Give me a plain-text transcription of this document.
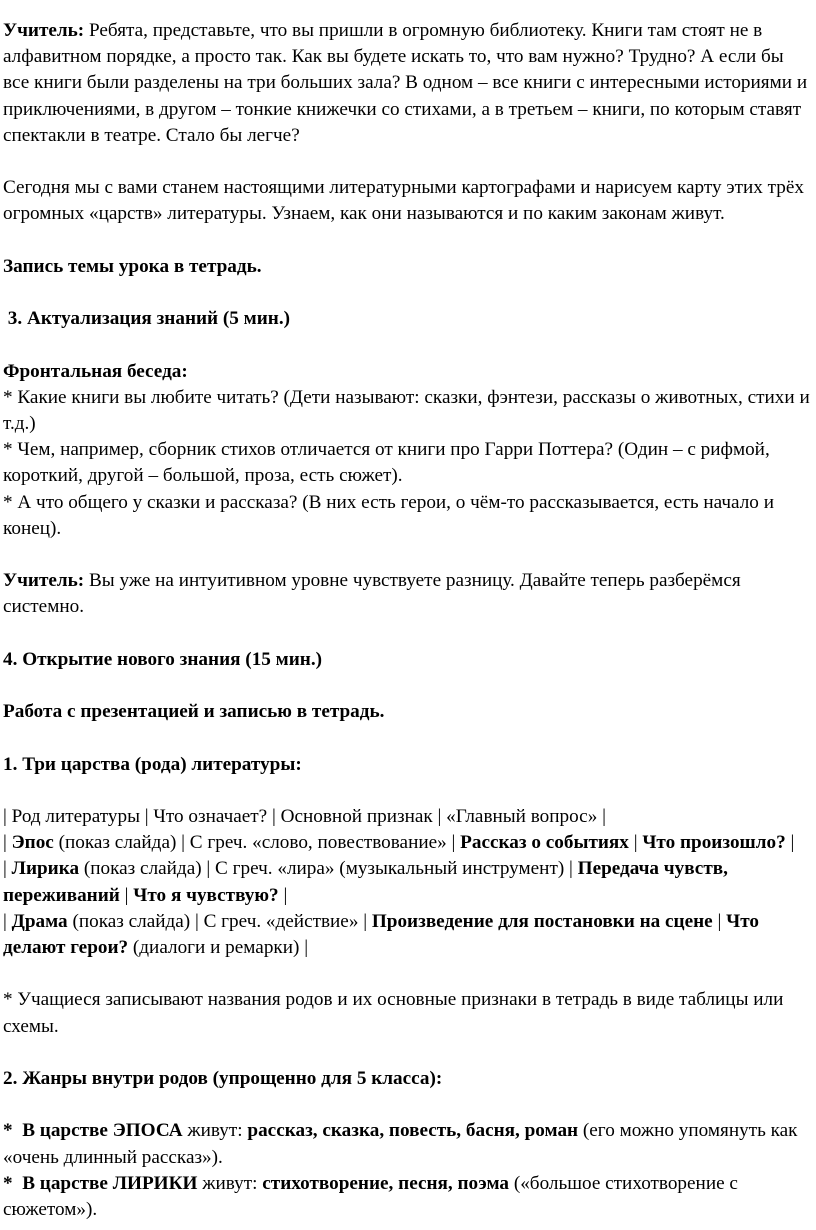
Учитель: Ребята, представьте, что вы пришли в огромную библиотеку. Книги там стоят не в алфавитном порядке, а просто так. Как вы будете искать то, что вам нужно? Трудно? А если бы все книги были разделены на три больших зала? В одном – все книги с интересными историями и приключениями, в другом – тонкие книжечки со стихами, а в третьем – книги, по которым ставят спектакли в театре. Стало бы легче?

Сегодня мы с вами станем настоящими литературными картографами и нарисуем карту этих трёх огромных «царств» литературы. Узнаем, как они называются и по каким законам живут.

Запись темы урока в тетрадь.

3. Актуализация знаний (5 мин.)

Фронтальная беседа:

* Какие книги вы любите читать? (Дети называют: сказки, фэнтези, рассказы о животных, стихи и т.д.)

* Чем, например, сборник стихов отличается от книги про Гарри Поттера? (Один – с рифмой, короткий, другой – большой, проза, есть сюжет).

* А что общего у сказки и рассказа? (В них есть герои, о чём-то рассказывается, есть начало и конец).

Учитель: Вы уже на интуитивном уровне чувствуете разницу. Давайте теперь разберёмся системно.

4. Открытие нового знания (15 мин.)

Работа с презентацией и записью в тетрадь.

1. Три царства (рода) литературы:

| Род литературы | Что означает? | Основной признак | «Главный вопрос» |

| Эпос (показ слайда) | С греч. «слово, повествование» | Рассказ о событиях | Что произошло? |

| Лирика (показ слайда) | С греч. «лира» (музыкальный инструмент) | Передача чувств, переживаний | Что я чувствую? |

| Драма (показ слайда) | С греч. «действие» | Произведение для постановки на сцене | Что делают герои? (диалоги и ремарки) |

* Учащиеся записывают названия родов и их основные признаки в тетрадь в виде таблицы или схемы.

2. Жанры внутри родов (упрощенно для 5 класса):

*  В царстве ЭПОСА живут: рассказ, сказка, повесть, басня, роман (его можно упомянуть как «очень длинный рассказ»).

*  В царстве ЛИРИКИ живут: стихотворение, песня, поэма («большое стихотворение с сюжетом»).
